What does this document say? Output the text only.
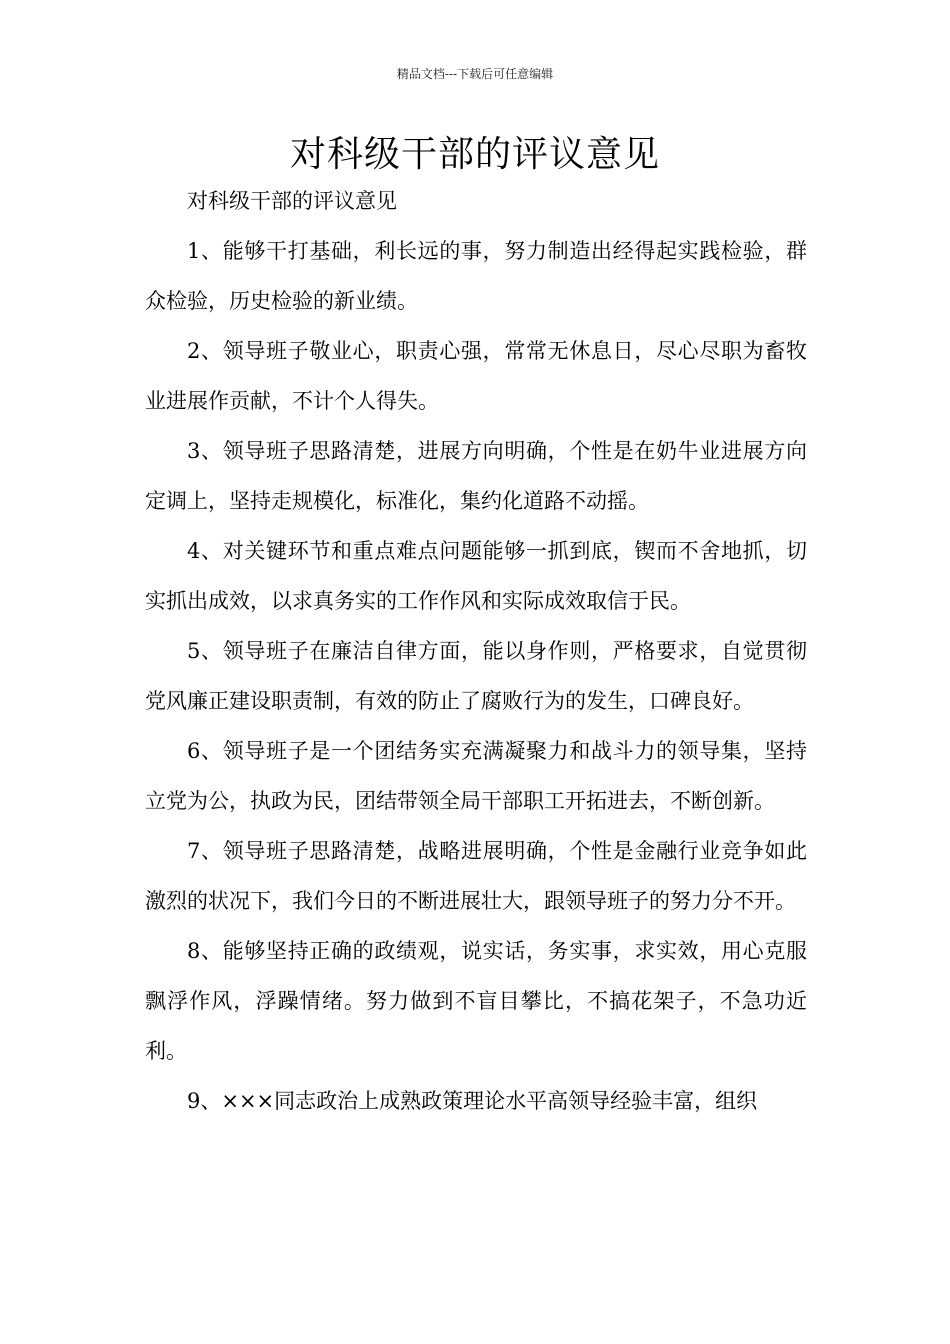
精品文档---下载后可任意编辑
对科级干部的评议意见

对科级干部的评议意见

1、能够干打基础，利长远的事，努力制造出经得起实践检验，群众检验，历史检验的新业绩。

2、领导班子敬业心，职责心强，常常无休息日，尽心尽职为畜牧业进展作贡献，不计个人得失。

3、领导班子思路清楚，进展方向明确，个性是在奶牛业进展方向定调上，坚持走规模化，标准化，集约化道路不动摇。

4、对关键环节和重点难点问题能够一抓到底，锲而不舍地抓，切实抓出成效，以求真务实的工作作风和实际成效取信于民。

5、领导班子在廉洁自律方面，能以身作则，严格要求，自觉贯彻党风廉正建设职责制，有效的防止了腐败行为的发生，口碑良好。

6、领导班子是一个团结务实充满凝聚力和战斗力的领导集，坚持立党为公，执政为民，团结带领全局干部职工开拓进去，不断创新。

7、领导班子思路清楚，战略进展明确，个性是金融行业竞争如此激烈的状况下，我们今日的不断进展壮大，跟领导班子的努力分不开。

8、能够坚持正确的政绩观，说实话，务实事，求实效，用心克服飘浮作风，浮躁情绪。努力做到不盲目攀比，不搞花架子，不急功近利。

9、×××同志政治上成熟政策理论水平高领导经验丰富，组织
